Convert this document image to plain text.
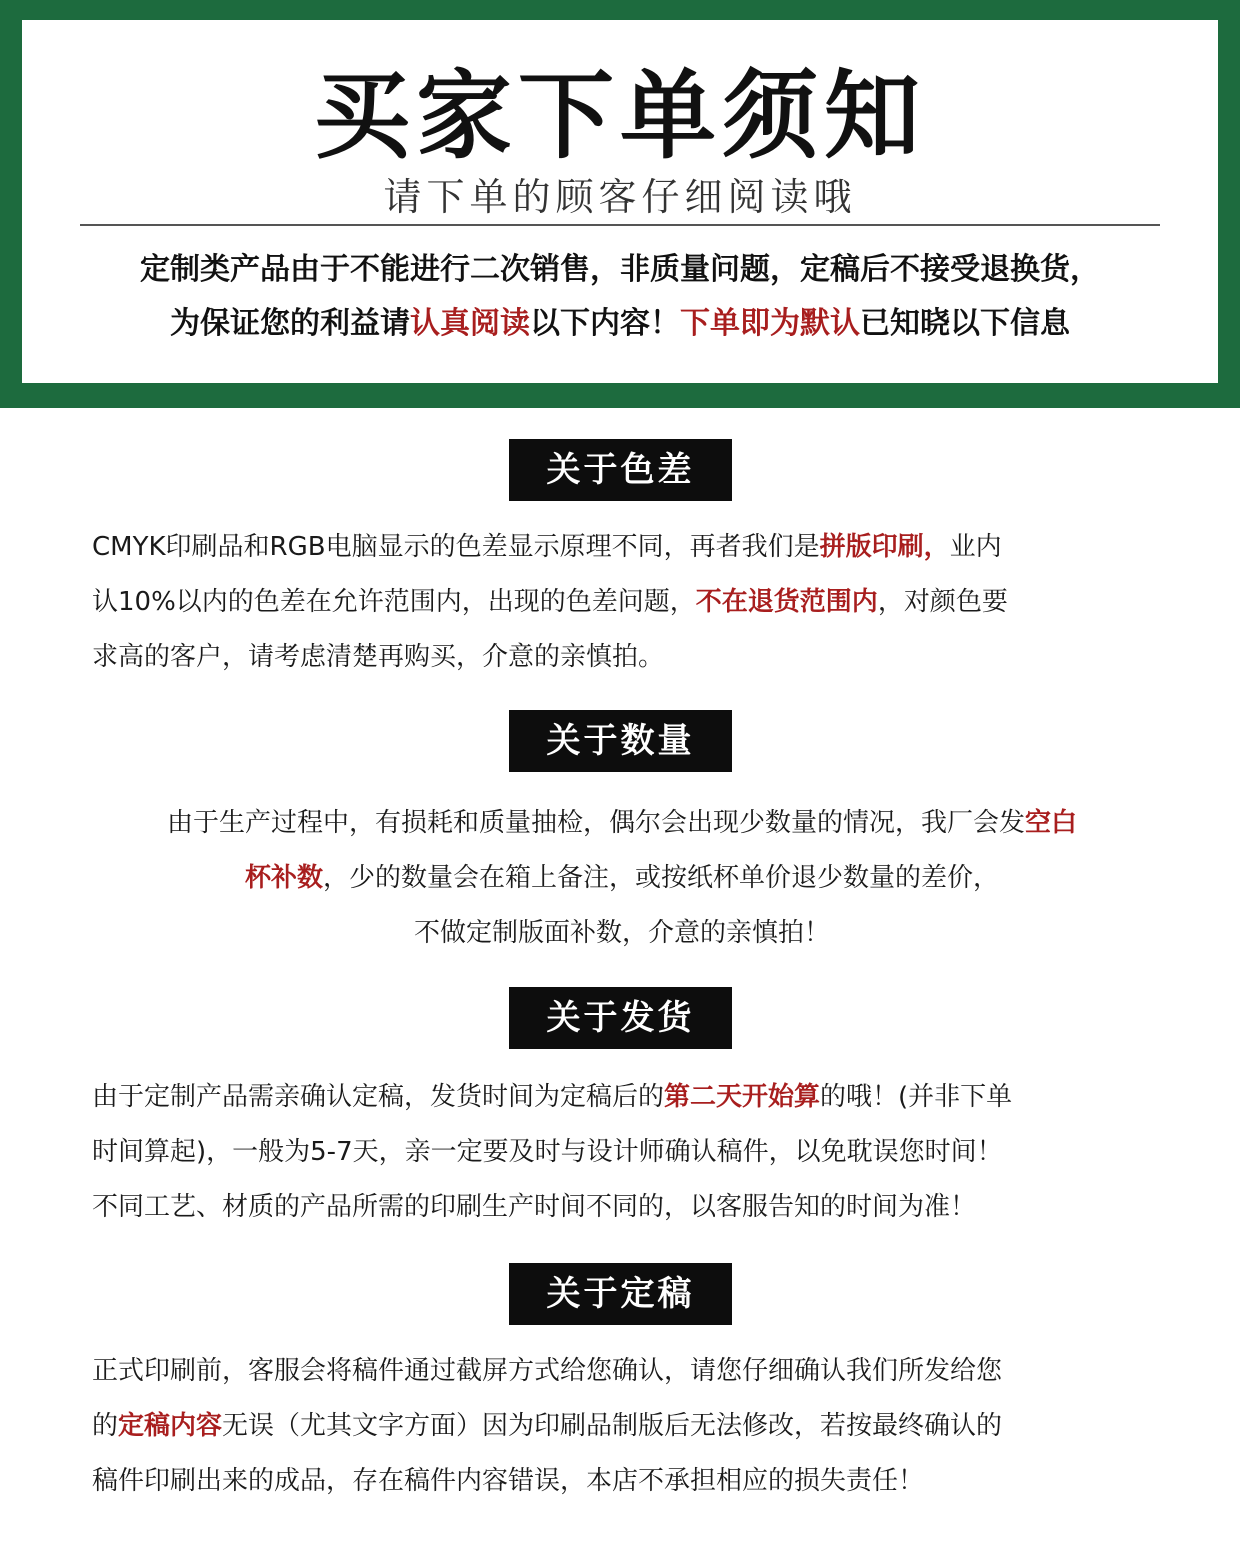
买家下单须知
请下单的顾客仔细阅读哦
定制类产品由于不能进行二次销售，非质量问题，定稿后不接受退换货，
为保证您的利益请认真阅读以下内容！下单即为默认已知晓以下信息
关于色差
CMYK印刷品和RGB电脑显示的色差显示原理不同，再者我们是拼版印刷，业内
认10%以内的色差在允许范围内，出现的色差问题，不在退货范围内，对颜色要
求高的客户，请考虑清楚再购买，介意的亲慎拍。
关于数量
由于生产过程中，有损耗和质量抽检，偶尔会出现少数量的情况，我厂会发空白
杯补数，少的数量会在箱上备注，或按纸杯单价退少数量的差价，
不做定制版面补数，介意的亲慎拍！
关于发货
由于定制产品需亲确认定稿，发货时间为定稿后的第二天开始算的哦！(并非下单
时间算起)，一般为5-7天，亲一定要及时与设计师确认稿件，以免耽误您时间！
不同工艺、材质的产品所需的印刷生产时间不同的，以客服告知的时间为准！
关于定稿
正式印刷前，客服会将稿件通过截屏方式给您确认，请您仔细确认我们所发给您
的定稿内容无误（尤其文字方面）因为印刷品制版后无法修改，若按最终确认的
稿件印刷出来的成品，存在稿件内容错误，本店不承担相应的损失责任！
